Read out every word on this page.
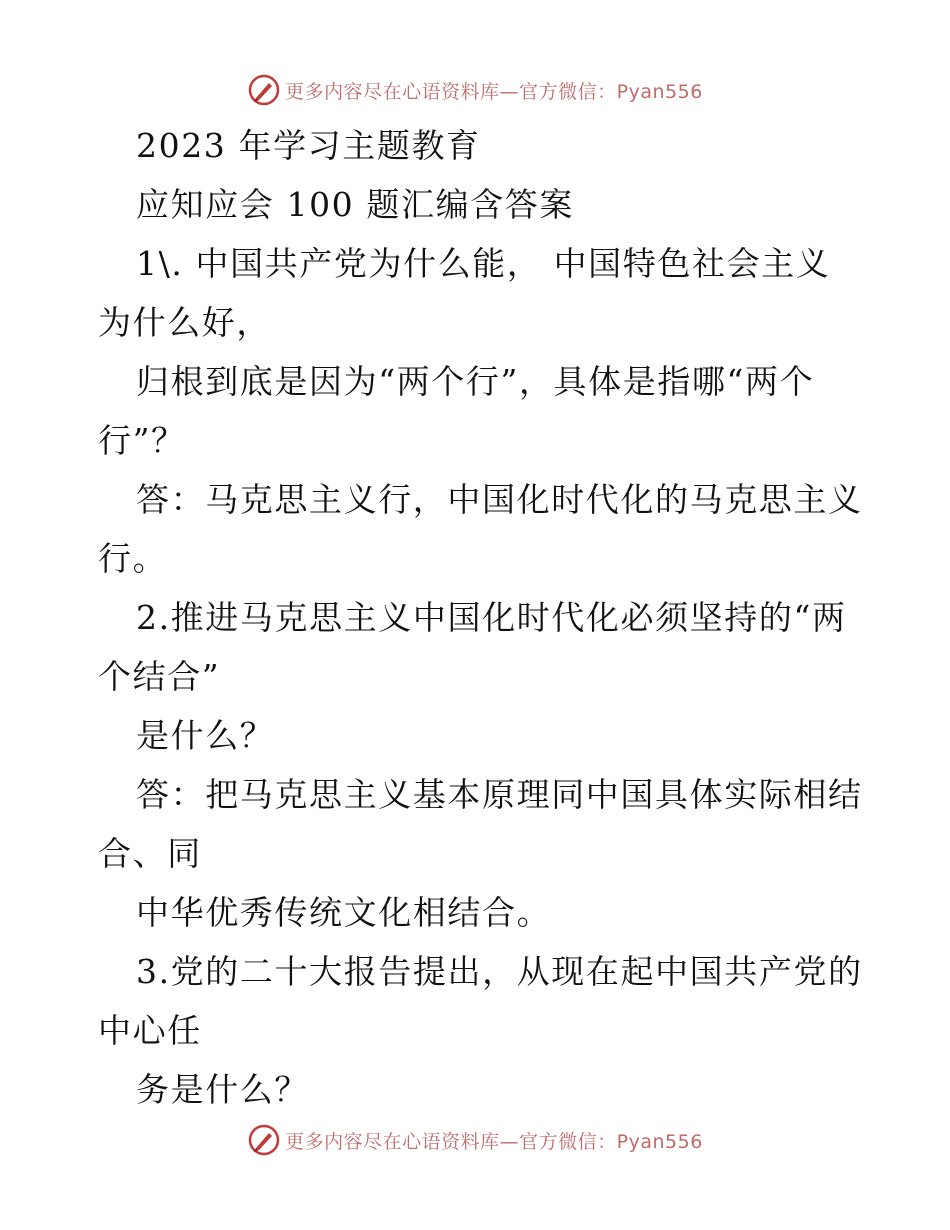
更多内容尽在心语资料库—官方微信：Pyan556
2023 年学习主题教育
应知应会 100 题汇编含答案
1\. 中国共产党为什么能， 中国特色社会主义
为什么好，
归根到底是因为“两个行”，具体是指哪“两个
行”？
答：马克思主义行，中国化时代化的马克思主义
行。
2.推进马克思主义中国化时代化必须坚持的“两
个结合”
是什么？
答：把马克思主义基本原理同中国具体实际相结
合、同
中华优秀传统文化相结合。
3.党的二十大报告提出，从现在起中国共产党的
中心任
务是什么？
更多内容尽在心语资料库—官方微信：Pyan556
